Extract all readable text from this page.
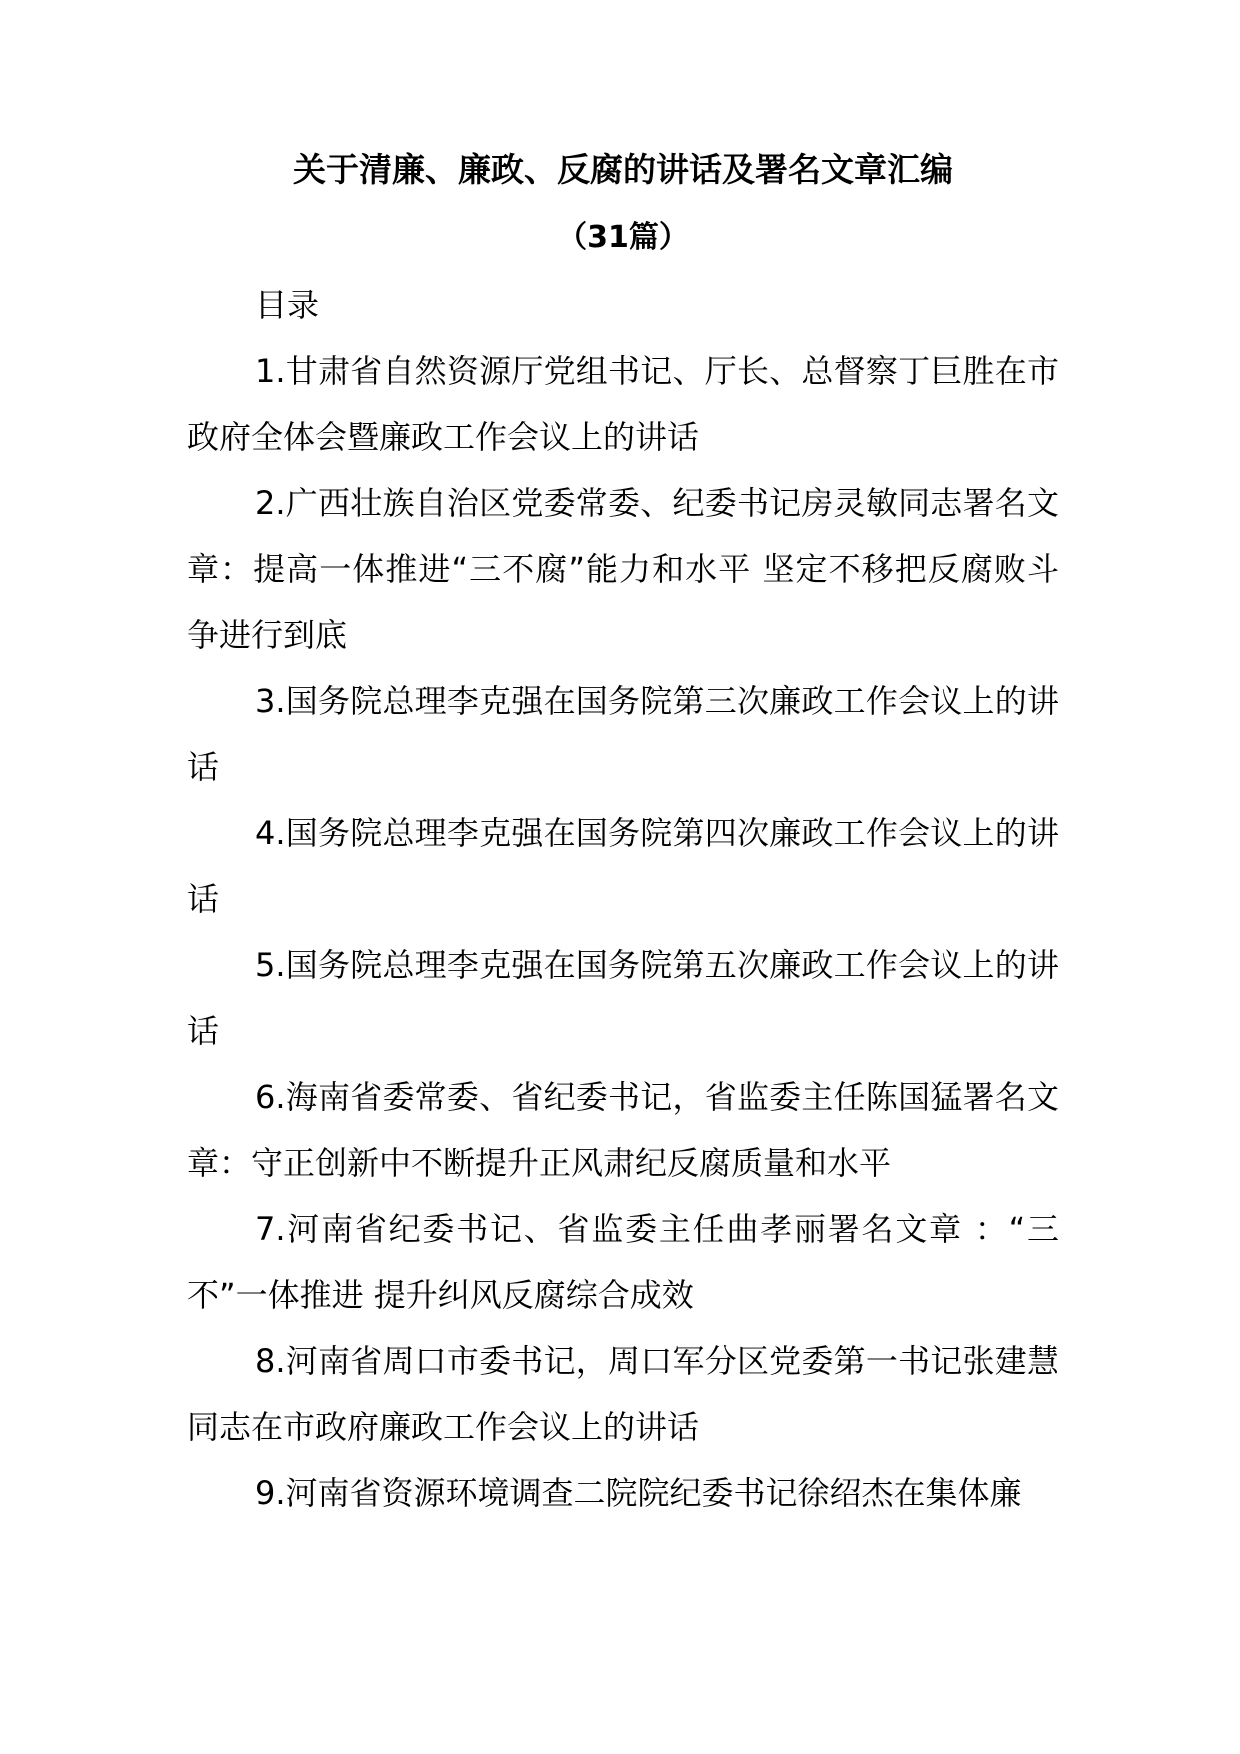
关于清廉、廉政、反腐的讲话及署名文章汇编
（31篇）
目录

1.甘肃省自然资源厅党组书记、厅长、总督察丁巨胜在市政府全体会暨廉政工作会议上的讲话

2.广西壮族自治区党委常委、纪委书记房灵敏同志署名文章：提高一体推进“三不腐”能力和水平 坚定不移把反腐败斗争进行到底

3.国务院总理李克强在国务院第三次廉政工作会议上的讲话

4.国务院总理李克强在国务院第四次廉政工作会议上的讲话

5.国务院总理李克强在国务院第五次廉政工作会议上的讲话

6.海南省委常委、省纪委书记，省监委主任陈国猛署名文章：守正创新中不断提升正风肃纪反腐质量和水平

7.河南省纪委书记、省监委主任曲孝丽署名文章 ：“三不”一体推进 提升纠风反腐综合成效

8.河南省周口市委书记，周口军分区党委第一书记张建慧同志在市政府廉政工作会议上的讲话

9.河南省资源环境调查二院院纪委书记徐绍杰在集体廉
